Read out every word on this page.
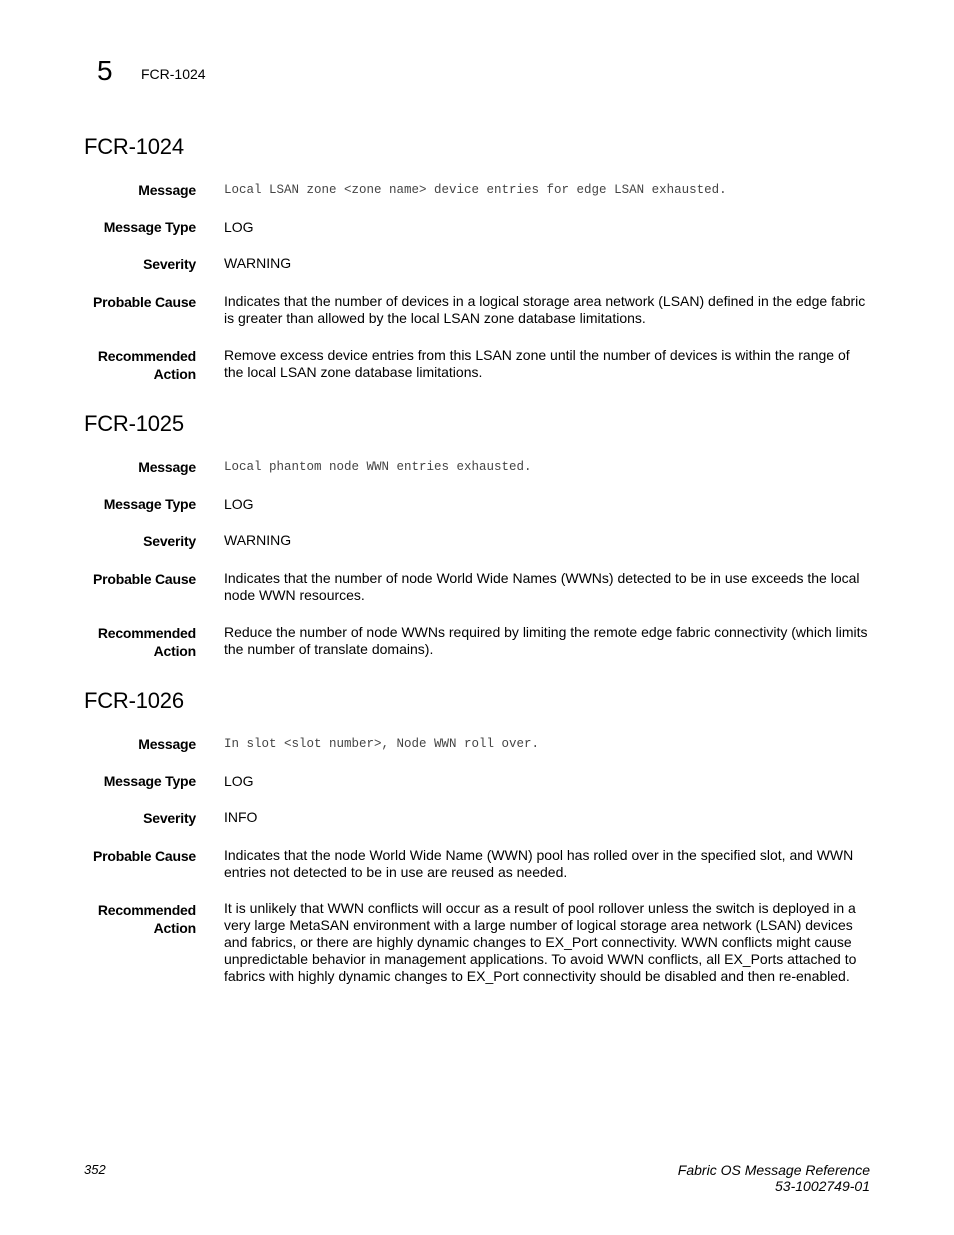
5 FCR-1024
FCR-1024
Message Local LSAN zone <zone name> device entries for edge LSAN exhausted.
Message Type LOG
Severity WARNING
Probable Cause Indicates that the number of devices in a logical storage area network (LSAN) defined in the edge fabric is greater than allowed by the local LSAN zone database limitations.
Recommended
Action
Remove excess device entries from this LSAN zone until the number of devices is within the range of the local LSAN zone database limitations.
FCR-1025
Message Local phantom node WWN entries exhausted.
Message Type LOG
Severity WARNING
Probable Cause Indicates that the number of node World Wide Names (WWNs) detected to be in use exceeds the local node WWN resources.
Recommended
Action
Reduce the number of node WWNs required by limiting the remote edge fabric connectivity (which limits the number of translate domains).
FCR-1026
Message In slot <slot number>, Node WWN roll over.
Message Type LOG
Severity INFO
Probable Cause Indicates that the node World Wide Name (WWN) pool has rolled over in the specified slot, and WWN entries not detected to be in use are reused as needed.
Recommended
Action
It is unlikely that WWN conflicts will occur as a result of pool rollover unless the switch is deployed in a very large MetaSAN environment with a large number of logical storage area network (LSAN) devices and fabrics, or there are highly dynamic changes to EX_Port connectivity. WWN conflicts might cause unpredictable behavior in management applications. To avoid WWN conflicts, all EX_Ports attached to fabrics with highly dynamic changes to EX_Port connectivity should be disabled and then re-enabled.
352	Fabric OS Message Reference
53-1002749-01
